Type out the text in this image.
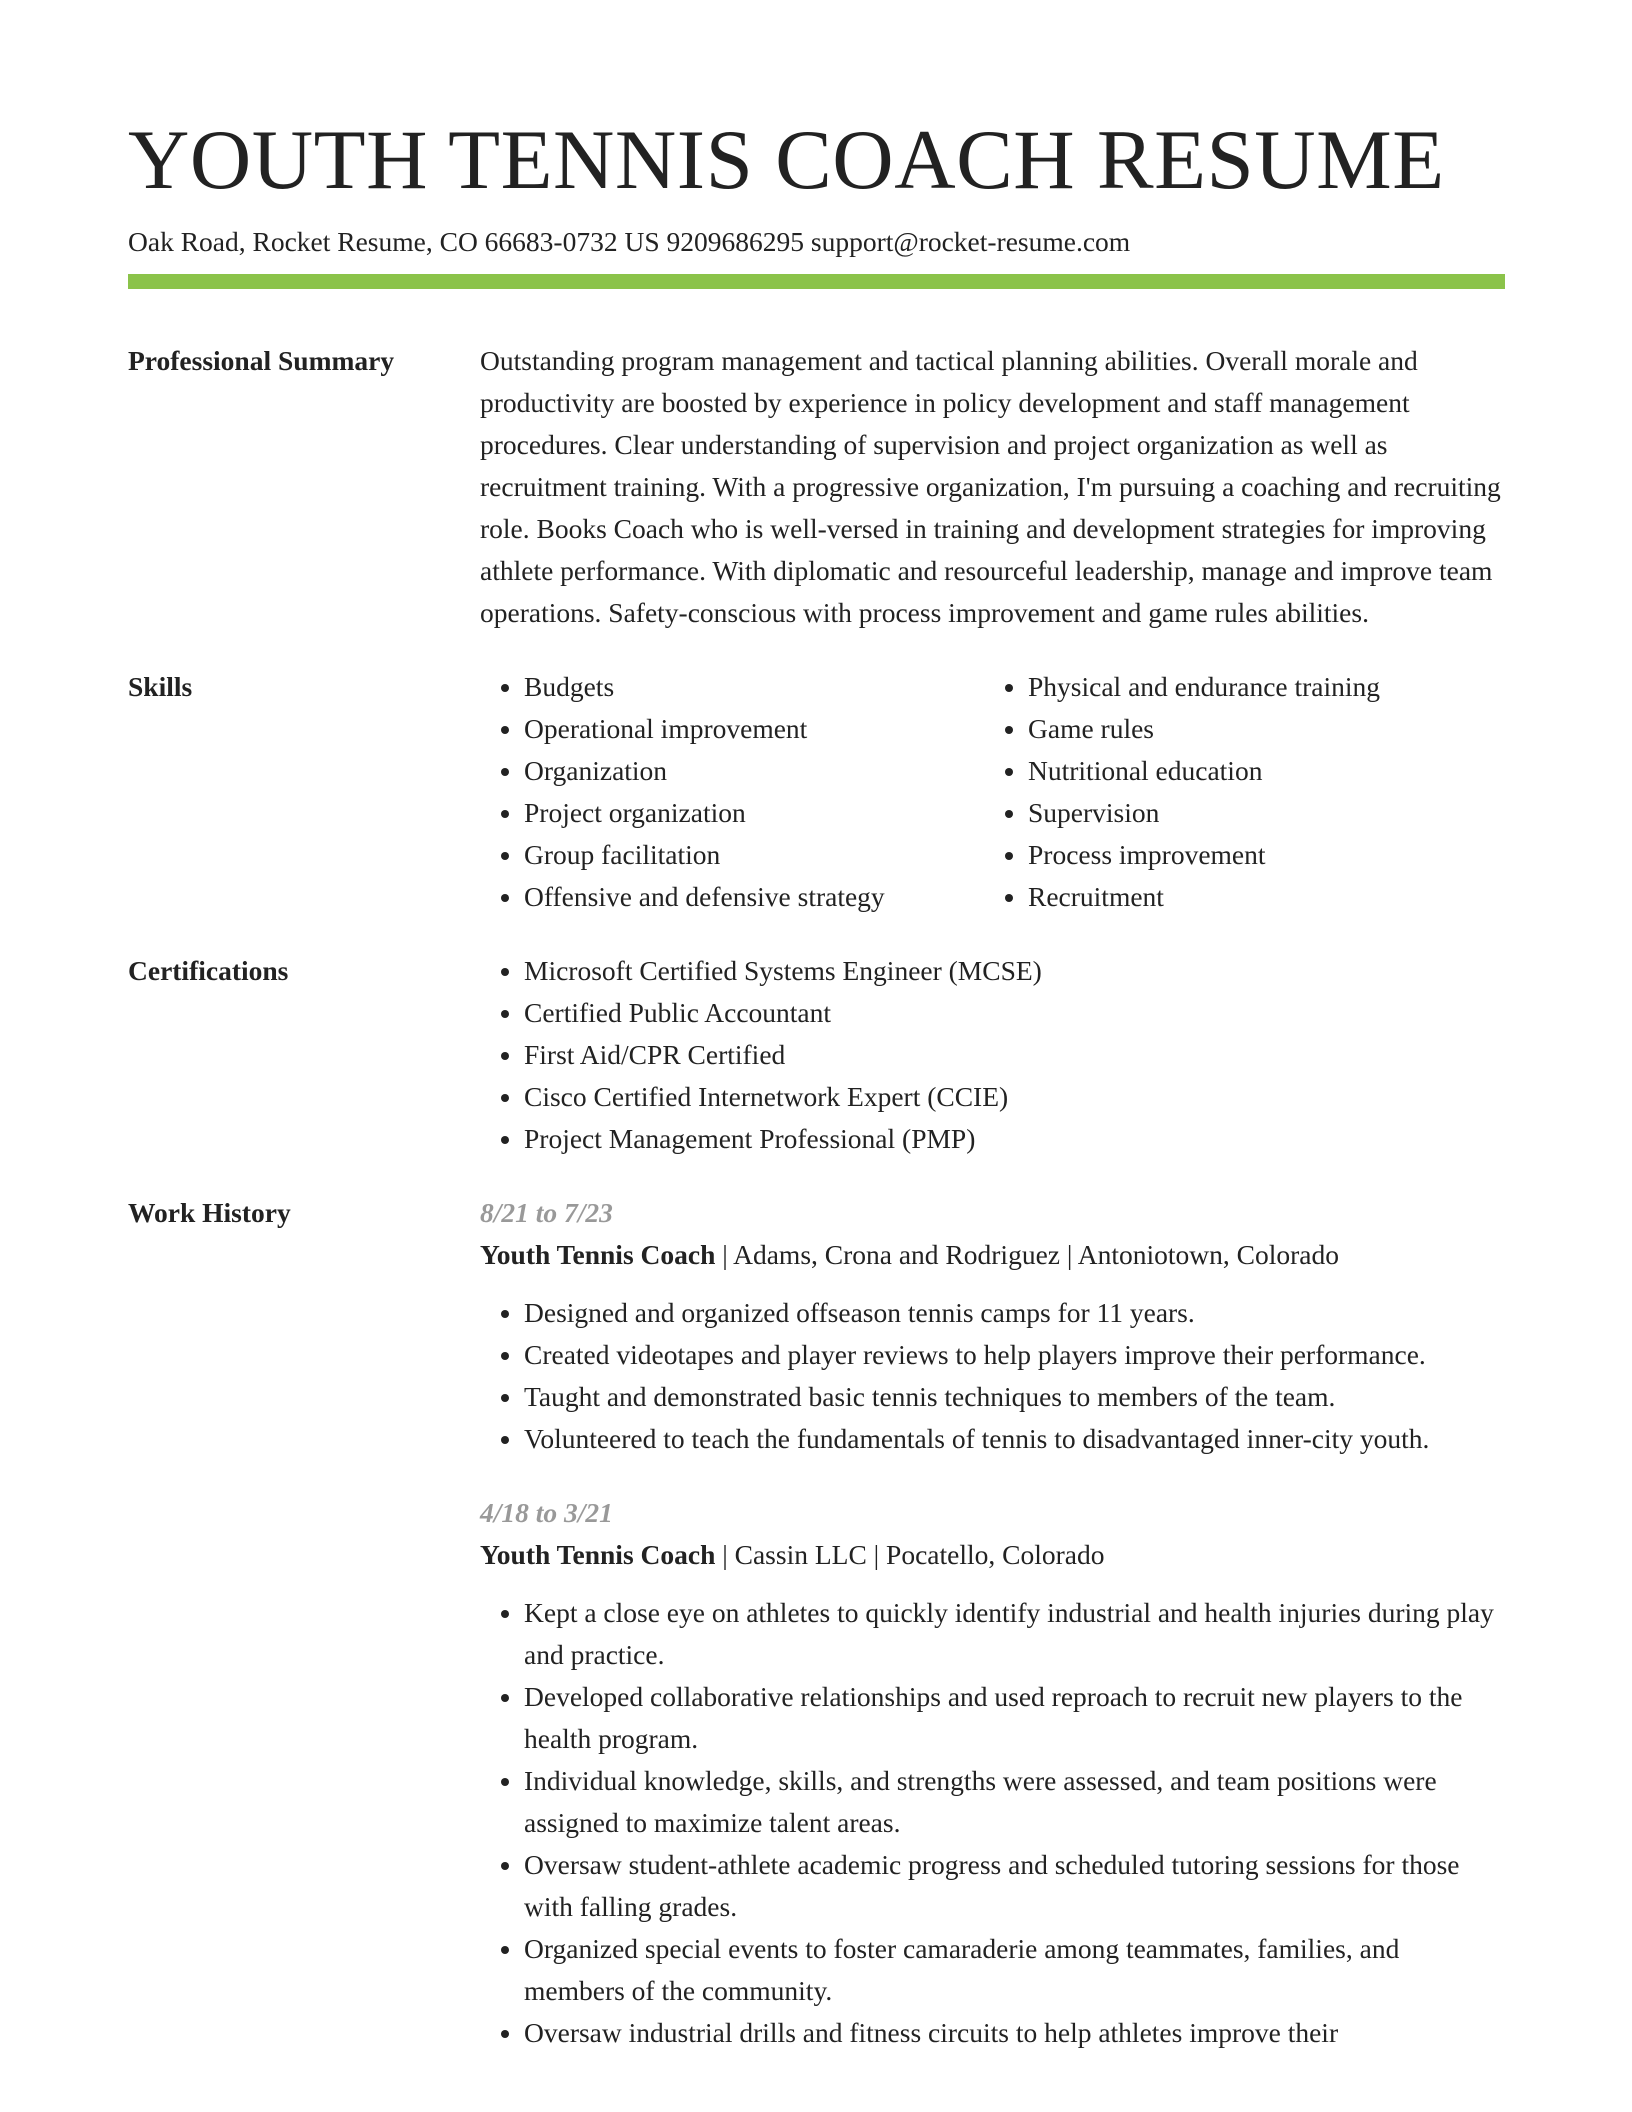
YOUTH TENNIS COACH RESUME
Oak Road, Rocket Resume, CO 66683-0732 US 9209686295 support@rocket-resume.com
Professional Summary	Outstanding program management and tactical planning abilities. Overall morale and productivity are boosted by experience in policy development and staff management procedures. Clear understanding of supervision and project organization as well as recruitment training. With a progressive organization, I'm pursuing a coaching and recruiting role. Books Coach who is well-versed in training and development strategies for improving athlete performance. With diplomatic and resourceful leadership, manage and improve team operations. Safety-conscious with process improvement and game rules abilities.
Skills	• Budgets
• Operational improvement
• Organization
• Project organization
• Group facilitation
• Offensive and defensive strategy
• Physical and endurance training
• Game rules
• Nutritional education
• Supervision
• Process improvement
• Recruitment
Certifications	• Microsoft Certified Systems Engineer (MCSE)
• Certified Public Accountant
• First Aid/CPR Certified
• Cisco Certified Internetwork Expert (CCIE)
• Project Management Professional (PMP)
Work History	8/21 to 7/23
Youth Tennis Coach | Adams, Crona and Rodriguez | Antoniotown, Colorado
• Designed and organized offseason tennis camps for 11 years.
• Created videotapes and player reviews to help players improve their performance.
• Taught and demonstrated basic tennis techniques to members of the team.
• Volunteered to teach the fundamentals of tennis to disadvantaged inner-city youth.
4/18 to 3/21
Youth Tennis Coach | Cassin LLC | Pocatello, Colorado
• Kept a close eye on athletes to quickly identify industrial and health injuries during play and practice.
• Developed collaborative relationships and used reproach to recruit new players to the health program.
• Individual knowledge, skills, and strengths were assessed, and team positions were assigned to maximize talent areas.
• Oversaw student-athlete academic progress and scheduled tutoring sessions for those with falling grades.
• Organized special events to foster camaraderie among teammates, families, and members of the community.
• Oversaw industrial drills and fitness circuits to help athletes improve their
